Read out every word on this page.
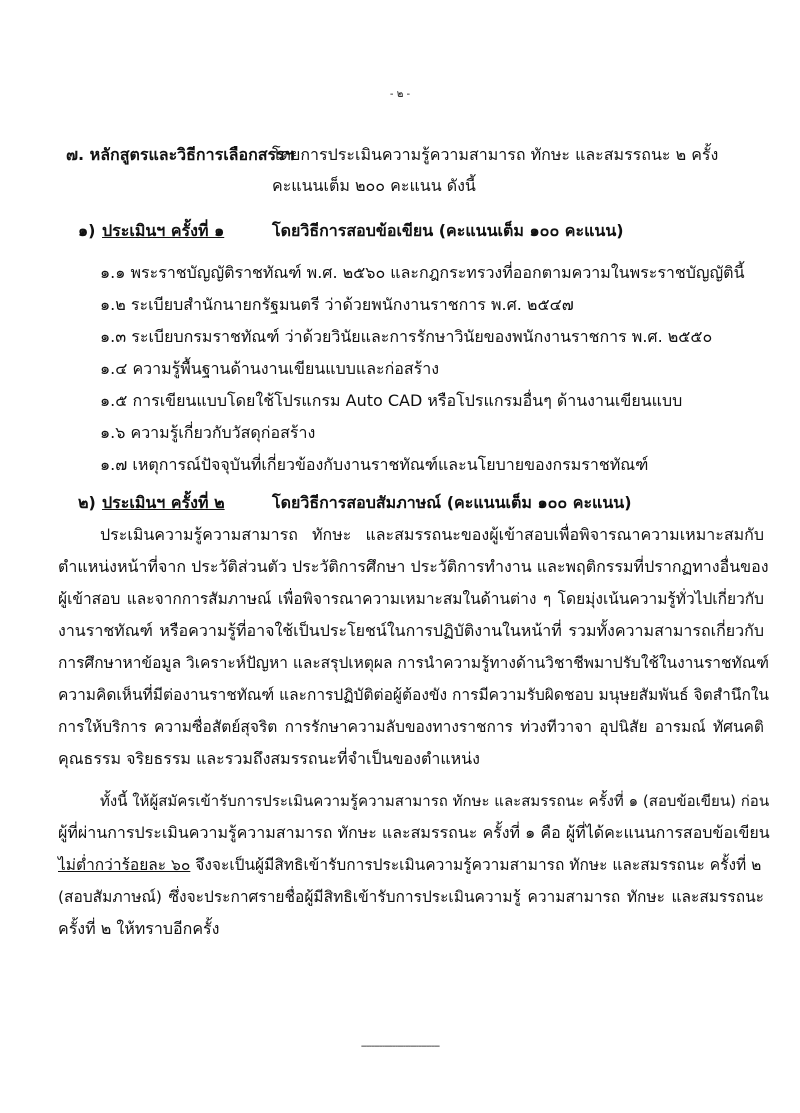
- ๒ -
๗. หลักสูตรและวิธีการเลือกสรรฯ
โดยการประเมินความรู้ความสามารถ ทักษะ และสมรรถนะ ๒ ครั้ง
คะแนนเต็ม ๒๐๐ คะแนน ดังนี้
๑) ประเมินฯ ครั้งที่ ๑	โดยวิธีการสอบข้อเขียน (คะแนนเต็ม ๑๐๐ คะแนน)
๑.๑ พระราชบัญญัติราชทัณฑ์ พ.ศ. ๒๕๖๐ และกฎกระทรวงที่ออกตามความในพระราชบัญญัตินี้
๑.๒ ระเบียบสำนักนายกรัฐมนตรี ว่าด้วยพนักงานราชการ พ.ศ. ๒๕๔๗
๑.๓ ระเบียบกรมราชทัณฑ์ ว่าด้วยวินัยและการรักษาวินัยของพนักงานราชการ พ.ศ. ๒๕๕๐
๑.๔ ความรู้พื้นฐานด้านงานเขียนแบบและก่อสร้าง
๑.๕ การเขียนแบบโดยใช้โปรแกรม Auto CAD หรือโปรแกรมอื่นๆ ด้านงานเขียนแบบ
๑.๖ ความรู้เกี่ยวกับวัสดุก่อสร้าง
๑.๗ เหตุการณ์ปัจจุบันที่เกี่ยวข้องกับงานราชทัณฑ์และนโยบายของกรมราชทัณฑ์
๒) ประเมินฯ ครั้งที่ ๒	โดยวิธีการสอบสัมภาษณ์ (คะแนนเต็ม ๑๐๐ คะแนน)
ประเมินความรู้ความสามารถ ทักษะ และสมรรถนะของผู้เข้าสอบเพื่อพิจารณาความเหมาะสมกับ
ตำแหน่งหน้าที่จาก ประวัติส่วนตัว ประวัติการศึกษา ประวัติการทำงาน และพฤติกรรมที่ปรากฏทางอื่นของ
ผู้เข้าสอบ และจากการสัมภาษณ์ เพื่อพิจารณาความเหมาะสมในด้านต่าง ๆ โดยมุ่งเน้นความรู้ทั่วไปเกี่ยวกับ
งานราชทัณฑ์ หรือความรู้ที่อาจใช้เป็นประโยชน์ในการปฏิบัติงานในหน้าที่ รวมทั้งความสามารถเกี่ยวกับ
การศึกษาหาข้อมูล วิเคราะห์ปัญหา และสรุปเหตุผล การนำความรู้ทางด้านวิชาชีพมาปรับใช้ในงานราชทัณฑ์
ความคิดเห็นที่มีต่องานราชทัณฑ์ และการปฏิบัติต่อผู้ต้องขัง การมีความรับผิดชอบ มนุษยสัมพันธ์ จิตสำนึกใน
การให้บริการ ความซื่อสัตย์สุจริต การรักษาความลับของทางราชการ ท่วงทีวาจา อุปนิสัย อารมณ์ ทัศนคติ
คุณธรรม จริยธรรม และรวมถึงสมรรถนะที่จำเป็นของตำแหน่ง
ทั้งนี้ ให้ผู้สมัครเข้ารับการประเมินความรู้ความสามารถ ทักษะ และสมรรถนะ ครั้งที่ ๑ (สอบข้อเขียน) ก่อน
ผู้ที่ผ่านการประเมินความรู้ความสามารถ ทักษะ และสมรรถนะ ครั้งที่ ๑ คือ ผู้ที่ได้คะแนนการสอบข้อเขียน
ไม่ต่ำกว่าร้อยละ ๖๐ จึงจะเป็นผู้มีสิทธิเข้ารับการประเมินความรู้ความสามารถ ทักษะ และสมรรถนะ ครั้งที่ ๒
(สอบสัมภาษณ์) ซึ่งจะประกาศรายชื่อผู้มีสิทธิเข้ารับการประเมินความรู้ ความสามารถ ทักษะ และสมรรถนะ
ครั้งที่ ๒ ให้ทราบอีกครั้ง
------------------------------
